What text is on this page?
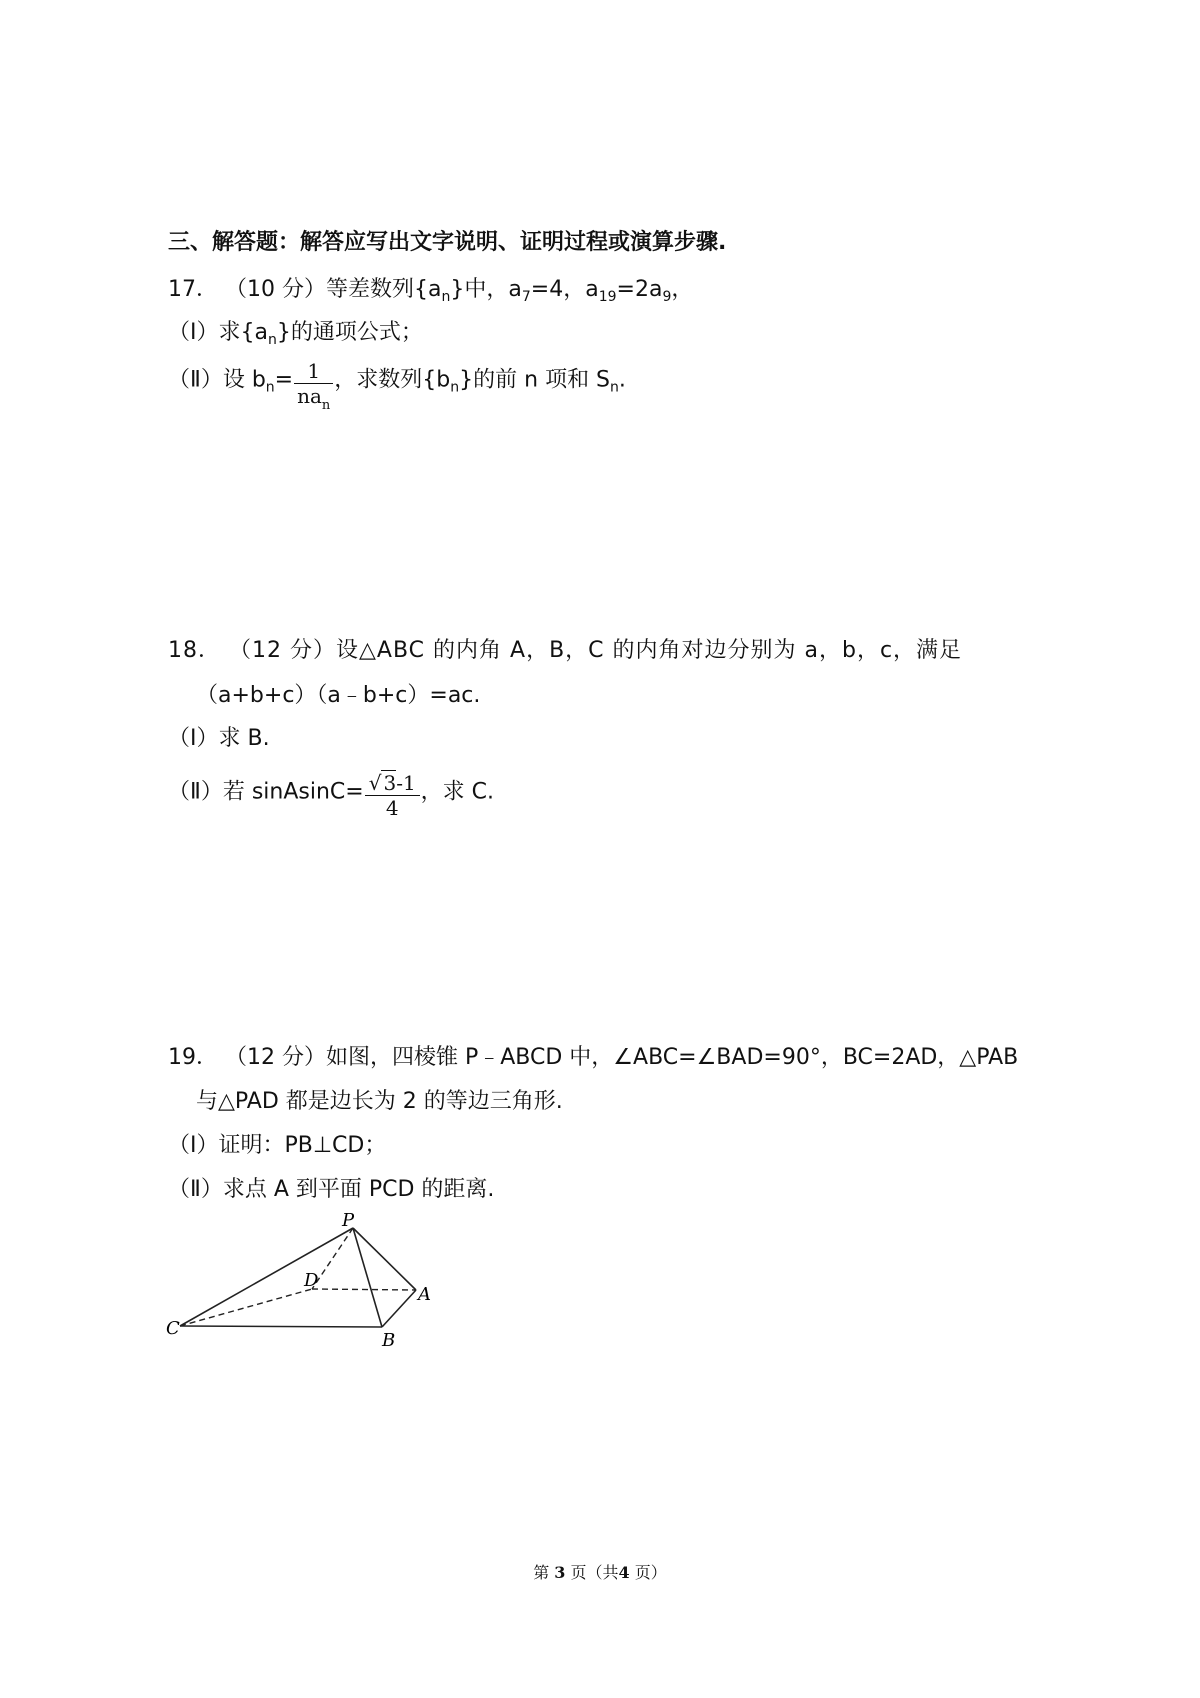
三、解答题：解答应写出文字说明、证明过程或演算步骤.
17． （10 分）等差数列$\{a_n\}$中，$a_7=4$，$a_{19}=2a_9$，
（Ⅰ）求$\{a_n\}$的通项公式；
（Ⅱ）设 $b_n= \frac{1}{na_n}$ ，求数列$\{b_n\}$的前 n 项和 $S_n$.
18． （12 分）设△ABC 的内角 A，B，C 的内角对边分别为 a，b，c，满足
（a+b+c）（a﹣b+c）=ac.
（Ⅰ）求 B.
（Ⅱ）若 sinAsinC= $\frac{√ 3-1}{4}$ ，求 C.
19． （12 分）如图，四棱锥 P﹣ABCD 中，∠ABC=∠BAD=90°，BC=2AD，△PAB
与△PAD 都是边长为 2 的等边三角形.
（Ⅰ）证明：PB⊥CD；
（Ⅱ）求点 A 到平面 PCD 的距离.
P
D
A
C
B
第 3 页（共4 页）
